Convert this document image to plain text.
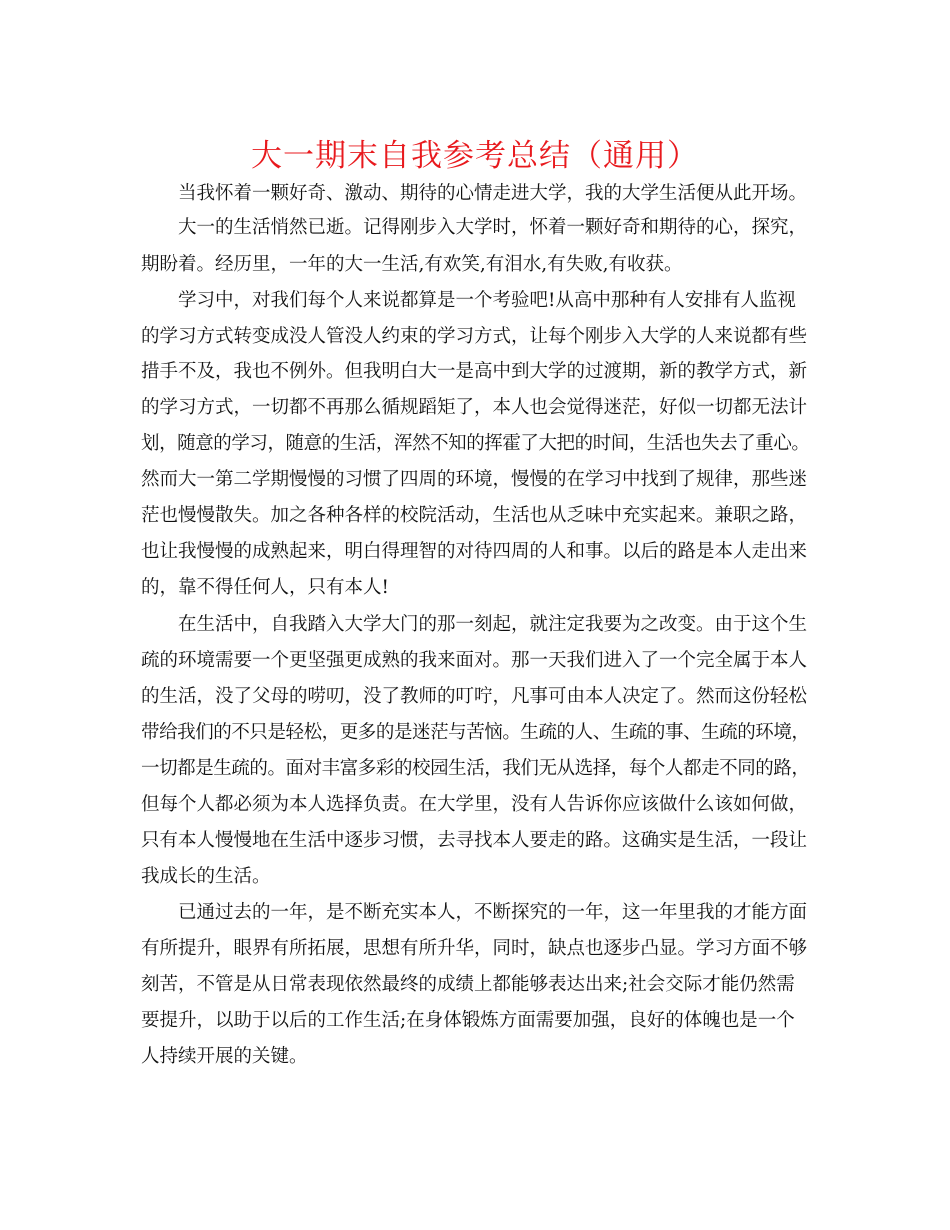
大一期末自我参考总结（通用）

当我怀着一颗好奇、激动、期待的心情走进大学，我的大学生活便从此开场。

大一的生活悄然已逝。记得刚步入大学时，怀着一颗好奇和期待的心，探究，

期盼着。经历里，一年的大一生活,有欢笑,有泪水,有失败,有收获。

学习中，对我们每个人来说都算是一个考验吧!从高中那种有人安排有人监视

的学习方式转变成没人管没人约束的学习方式，让每个刚步入大学的人来说都有些

措手不及，我也不例外。但我明白大一是高中到大学的过渡期，新的教学方式，新

的学习方式，一切都不再那么循规蹈矩了，本人也会觉得迷茫，好似一切都无法计

划，随意的学习，随意的生活，浑然不知的挥霍了大把的时间，生活也失去了重心。

然而大一第二学期慢慢的习惯了四周的环境，慢慢的在学习中找到了规律，那些迷

茫也慢慢散失。加之各种各样的校院活动，生活也从乏味中充实起来。兼职之路，

也让我慢慢的成熟起来，明白得理智的对待四周的人和事。以后的路是本人走出来

的，靠不得任何人，只有本人!

在生活中，自我踏入大学大门的那一刻起，就注定我要为之改变。由于这个生

疏的环境需要一个更坚强更成熟的我来面对。那一天我们进入了一个完全属于本人

的生活，没了父母的唠叨，没了教师的叮咛，凡事可由本人决定了。然而这份轻松

带给我们的不只是轻松，更多的是迷茫与苦恼。生疏的人、生疏的事、生疏的环境，

一切都是生疏的。面对丰富多彩的校园生活，我们无从选择，每个人都走不同的路，

但每个人都必须为本人选择负责。在大学里，没有人告诉你应该做什么该如何做，

只有本人慢慢地在生活中逐步习惯，去寻找本人要走的路。这确实是生活，一段让

我成长的生活。

已通过去的一年，是不断充实本人，不断探究的一年，这一年里我的才能方面

有所提升，眼界有所拓展，思想有所升华，同时，缺点也逐步凸显。学习方面不够

刻苦，不管是从日常表现依然最终的成绩上都能够表达出来;社会交际才能仍然需

要提升，以助于以后的工作生活;在身体锻炼方面需要加强，良好的体魄也是一个

人持续开展的关键。
